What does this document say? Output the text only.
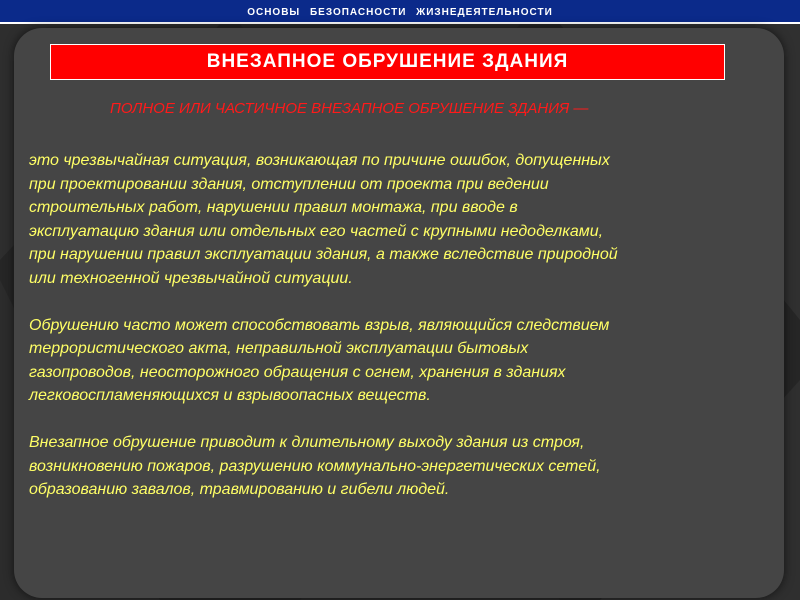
ОСНОВЫ БЕЗОПАСНОСТИ ЖИЗНЕДЕЯТЕЛЬНОСТИ
ВНЕЗАПНОЕ ОБРУШЕНИЕ ЗДАНИЯ
ПОЛНОЕ ИЛИ ЧАСТИЧНОЕ ВНЕЗАПНОЕ ОБРУШЕНИЕ ЗДАНИЯ —

это чрезвычайная ситуация, возникающая по причине ошибок, допущенных
при проектировании здания, отступлении от проекта при ведении
строительных работ, нарушении правил монтажа, при вводе в
эксплуатацию здания или отдельных его частей с крупными недоделками,
при нарушении правил эксплуатации здания, а также вследствие природной
или техногенной чрезвычайной ситуации.

Обрушению часто может способствовать взрыв, являющийся следствием
террористического акта, неправильной эксплуатации бытовых
газопроводов, неосторожного обращения с огнем, хранения в зданиях
легковоспламеняющихся и взрывоопасных веществ.

Внезапное обрушение приводит к длительному выходу здания из строя,
возникновению пожаров, разрушению коммунально-энергетических сетей,
образованию завалов, травмированию и гибели людей.
